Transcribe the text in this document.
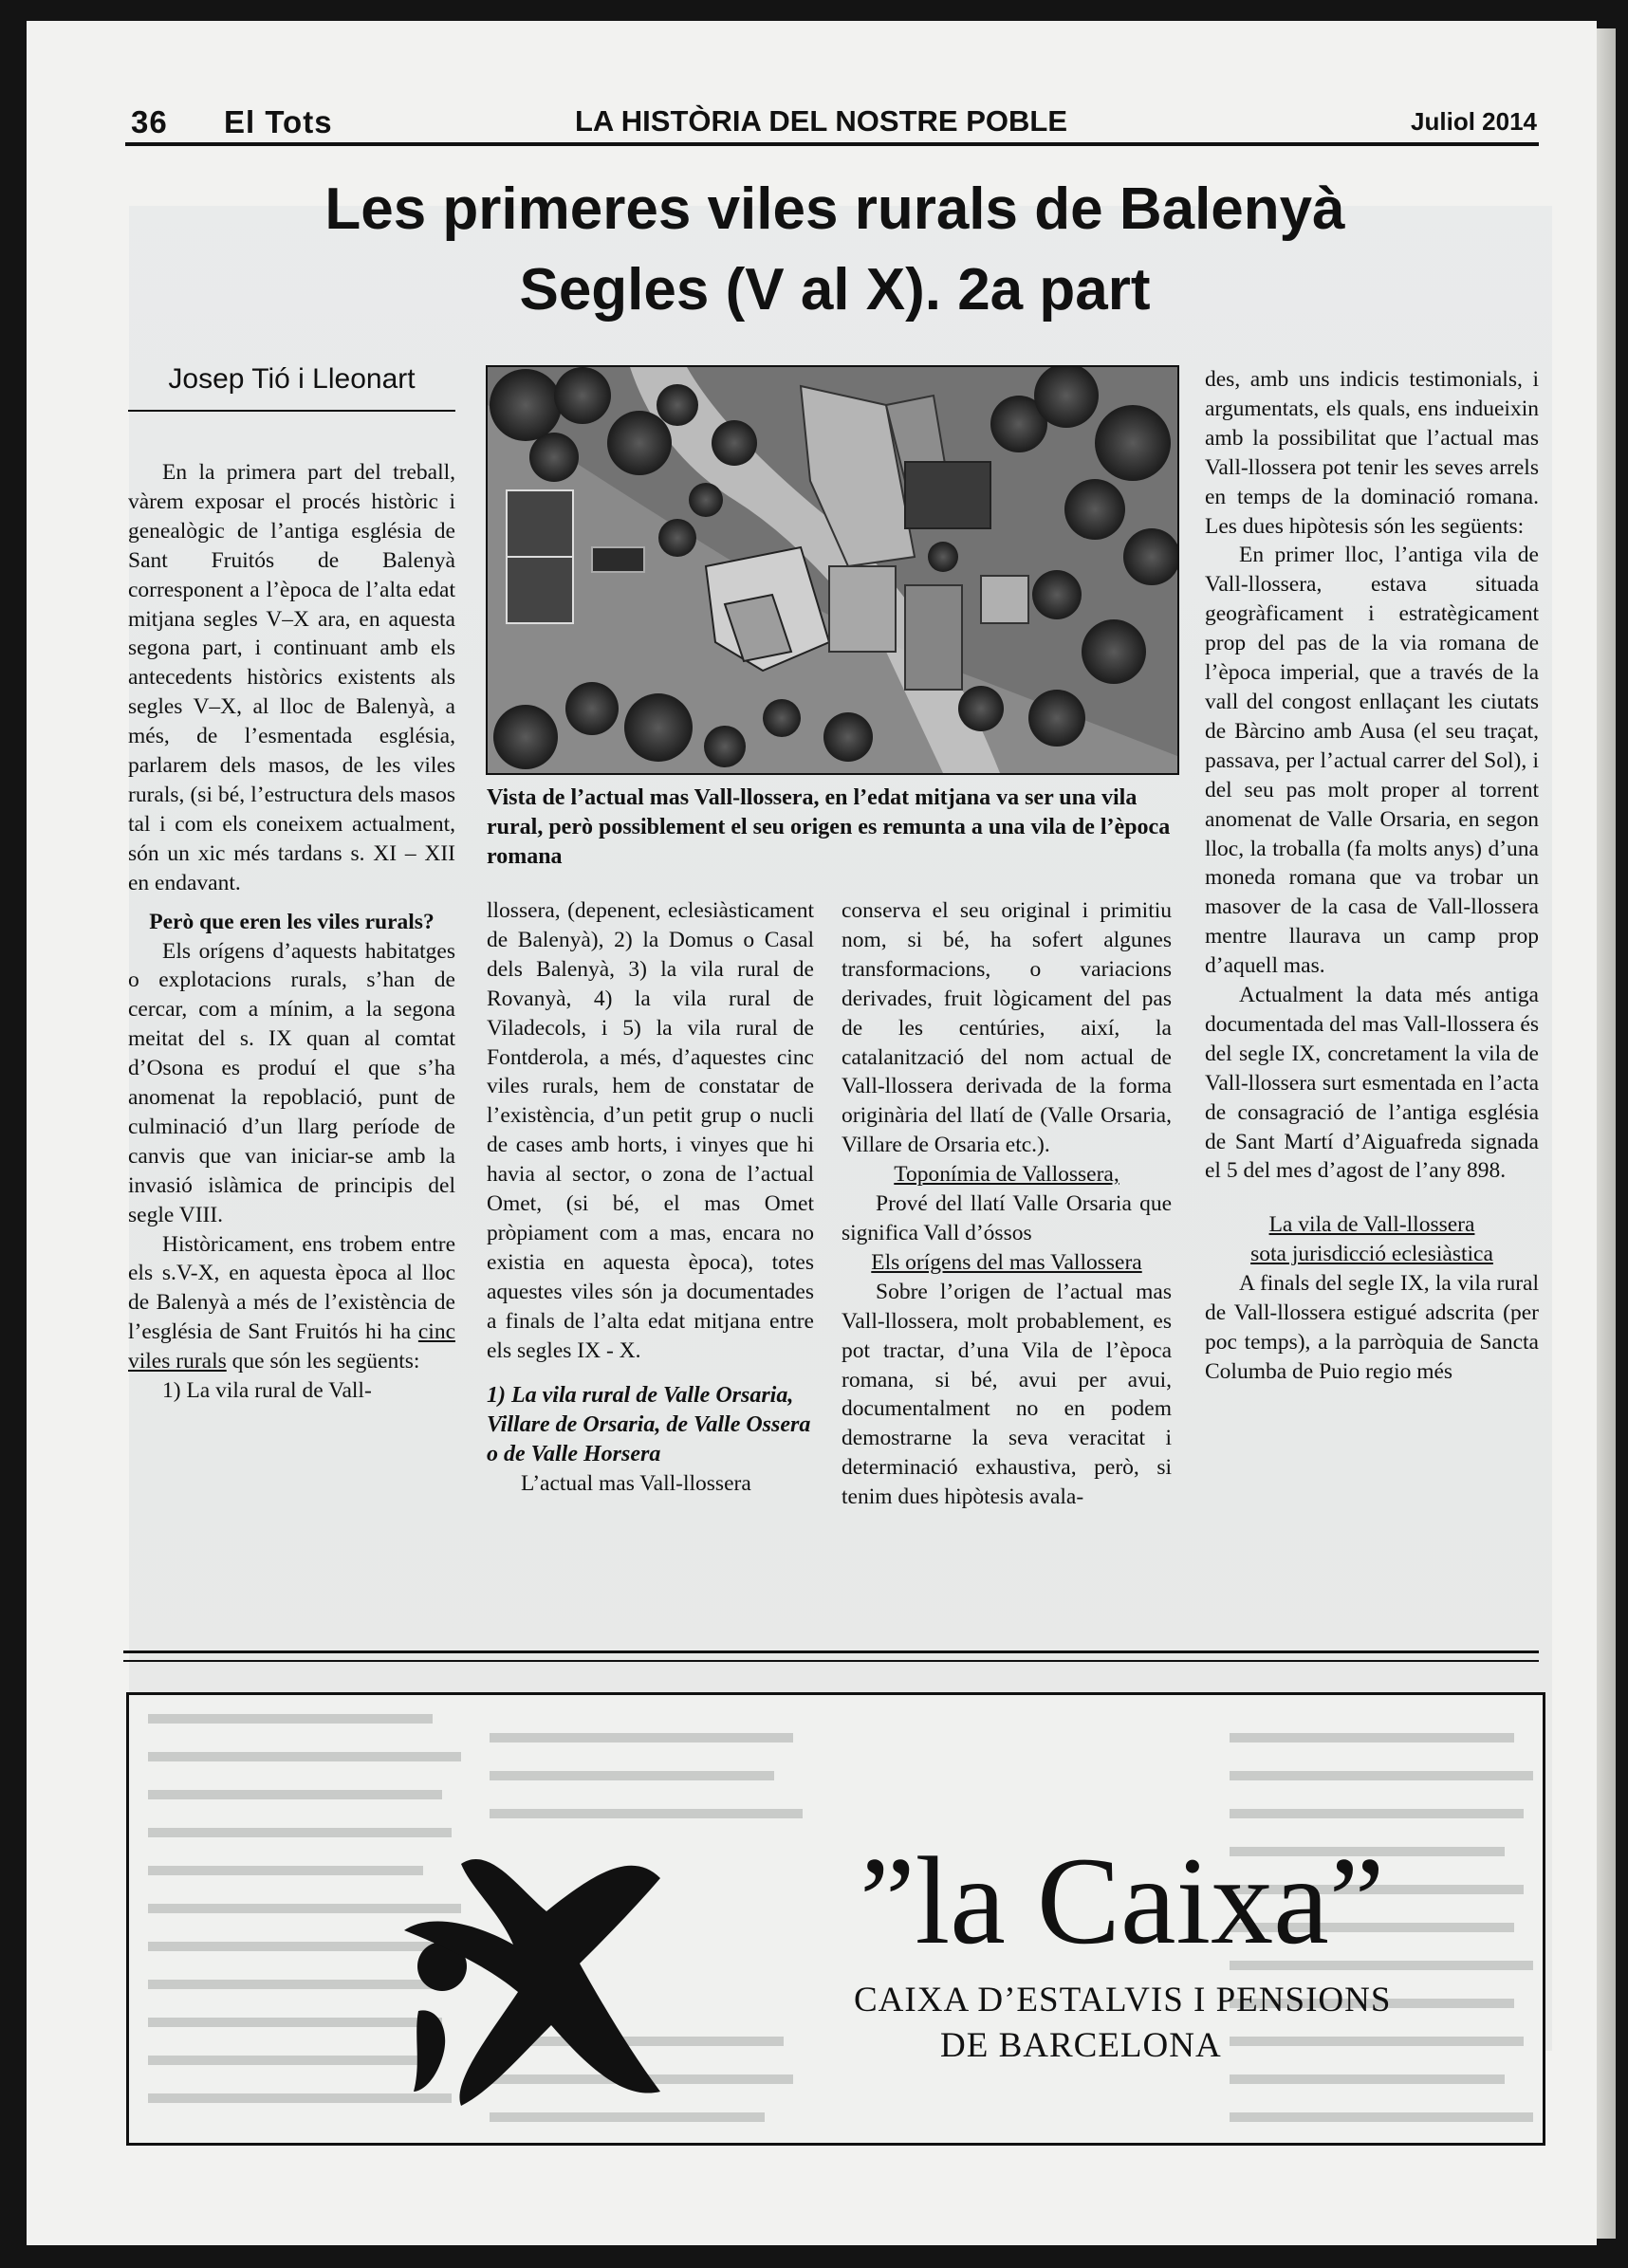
36 El Tots	LA HISTÒRIA DEL NOSTRE POBLE	Juliol 2014
Les primeres viles rurals de Balenyà
Segles (V al X). 2a part
Josep Tió i Lleonart

En la primera part del treball, vàrem exposar el procés històric i genealògic de l’antiga església de Sant Fruitós de Balenyà corresponent a l’època de l’alta edat mitjana segles V–X ara, en aquesta segona part, i continuant amb els antecedents històrics existents als segles V–X, al lloc de Balenyà, a més, de l’esmentada església, parlarem dels masos, de les viles rurals, (si bé, l’estructura dels masos tal i com els coneixem actualment, són un xic més tardans s. XI – XII en endavant.

Però que eren les viles rurals?

Els orígens d’aquests habitatges o explotacions rurals, s’han de cercar, com a mínim, a la segona meitat del s. IX quan al comtat d’Osona es produí el que s’ha anomenat la repoblació, punt de culminació d’un llarg període de canvis que van iniciar-se amb la invasió islàmica de principis del segle VIII.

Històricament, ens trobem entre els s.V-X, en aquesta època al lloc de Balenyà a més de l’existència de l’església de Sant Fruitós hi ha cinc viles rurals que són les següents:

1) La vila rural de Vall-

Vista de l’actual mas Vall-llossera, en l’edat mitjana va ser una vila rural, però possiblement el seu origen es remunta a una vila de l’època romana

llossera, (depenent, eclesiàsticament de Balenyà), 2) la Domus o Casal dels Balenyà, 3) la vila rural de Rovanyà, 4) la vila rural de Viladecols, i 5) la vila rural de Fontderola, a més, d’aquestes cinc viles rurals, hem de constatar de l’existència, d’un petit grup o nucli de cases amb horts, i vinyes que hi havia al sector, o zona de l’actual Omet, (si bé, el mas Omet pròpiament com a mas, encara no existia en aquesta època), totes aquestes viles són ja documentades a finals de l’alta edat mitjana entre els segles IX - X.

1) La vila rural de Valle Orsaria, Villare de Orsaria, de Valle Ossera o de Valle Horsera

L’actual mas Vall-llossera

conserva el seu original i primitiu nom, si bé, ha sofert algunes transformacions, o variacions derivades, fruit lògicament del pas de les centúries, així, la catalanització del nom actual de Vall-llossera derivada de la forma originària del llatí de (Valle Orsaria, Villare de Orsaria etc.).

Toponímia de Vallossera,

Prové del llatí Valle Orsaria que significa Vall d’óssos

Els orígens del mas Vallossera

Sobre l’origen de l’actual mas Vall-llossera, molt probablement, es pot tractar, d’una Vila de l’època romana, si bé, avui per avui, documentalment no en podem demostrarne la seva veracitat i determinació exhaustiva, però, si tenim dues hipòtesis avala-

des, amb uns indicis testimonials, i argumentats, els quals, ens indueixin amb la possibilitat que l’actual mas Vall-llossera pot tenir les seves arrels en temps de la dominació romana. Les dues hipòtesis són les següents:

En primer lloc, l’antiga vila de Vall-llossera, estava situada geogràficament i estratègicament prop del pas de la via romana de l’època imperial, que a través de la vall del congost enllaçant les ciutats de Bàrcino amb Ausa (el seu traçat, passava, per l’actual carrer del Sol), i del seu pas molt proper al torrent anomenat de Valle Orsaria, en segon lloc, la troballa (fa molts anys) d’una moneda romana que va trobar un masover de la casa de Vall-llossera mentre llaurava un camp prop d’aquell mas.

Actualment la data més antiga documentada del mas Vall-llossera és del segle IX, concretament la vila de Vall-llossera surt esmentada en l’acta de consagració de l’antiga església de Sant Martí d’Aiguafreda signada el 5 del mes d’agost de l’any 898.

La vila de Vall-llossera

sota jurisdicció eclesiàstica

A finals del segle IX, la vila rural de Vall-llossera estigué adscrita (per poc temps), a la parròquia de Sancta Columba de Puio regio més

”la Caixa”
CAIXA D’ESTALVIS I PENSIONS
DE BARCELONA
